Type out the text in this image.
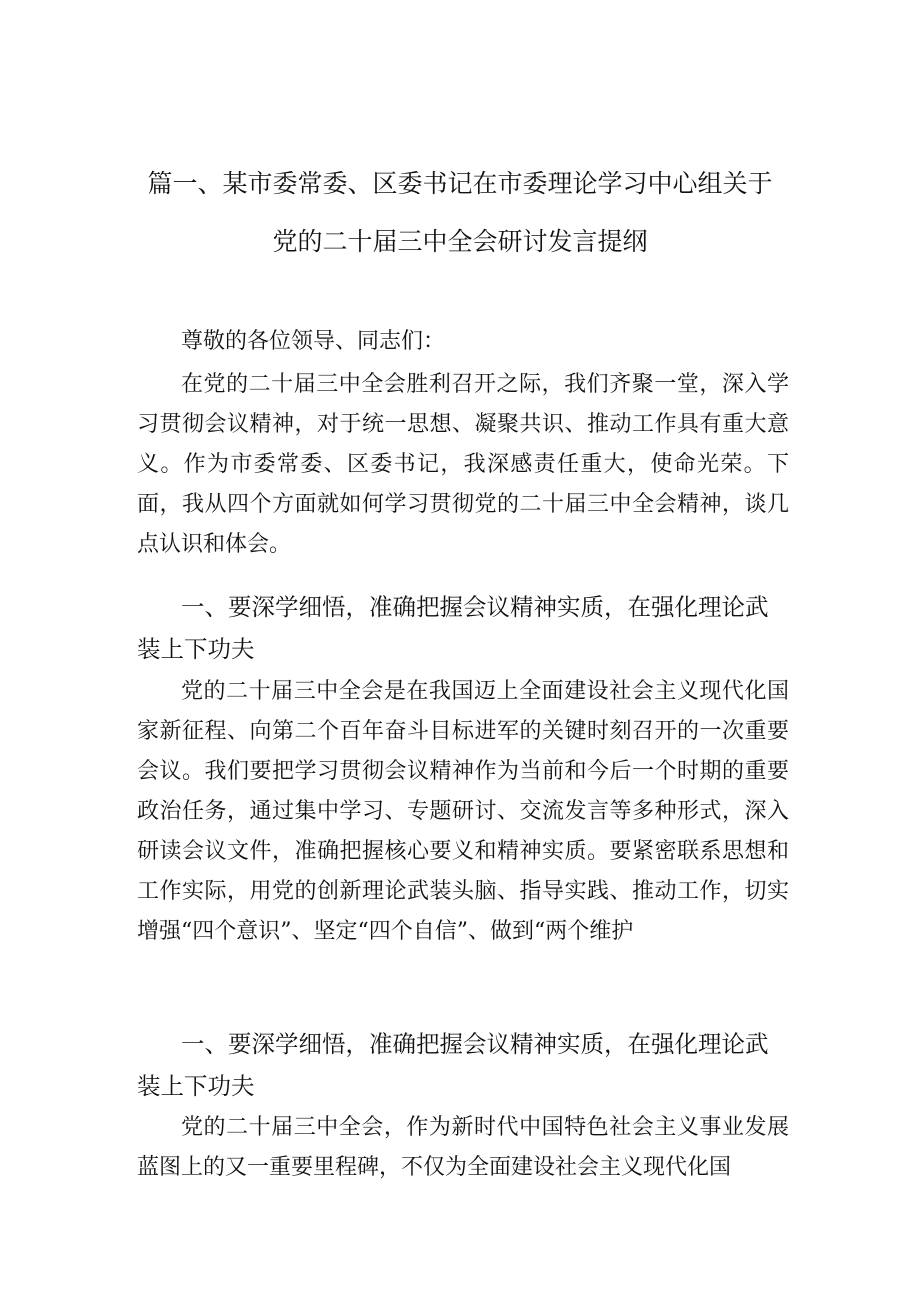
篇一、某市委常委、区委书记在市委理论学习中心组关于
党的二十届三中全会研讨发言提纲

尊敬的各位领导、同志们：

在党的二十届三中全会胜利召开之际，我们齐聚一堂，深入学习贯彻会议精神，对于统一思想、凝聚共识、推动工作具有重大意义。作为市委常委、区委书记，我深感责任重大，使命光荣。下面，我从四个方面就如何学习贯彻党的二十届三中全会精神，谈几点认识和体会。

一、要深学细悟，准确把握会议精神实质，在强化理论武装上下功夫

党的二十届三中全会是在我国迈上全面建设社会主义现代化国家新征程、向第二个百年奋斗目标进军的关键时刻召开的一次重要会议。我们要把学习贯彻会议精神作为当前和今后一个时期的重要政治任务，通过集中学习、专题研讨、交流发言等多种形式，深入研读会议文件，准确把握核心要义和精神实质。要紧密联系思想和工作实际，用党的创新理论武装头脑、指导实践、推动工作，切实增强“四个意识”、坚定“四个自信”、做到“两个维护

一、要深学细悟，准确把握会议精神实质，在强化理论武装上下功夫

党的二十届三中全会，作为新时代中国特色社会主义事业发展蓝图上的又一重要里程碑，不仅为全面建设社会主义现代化国
